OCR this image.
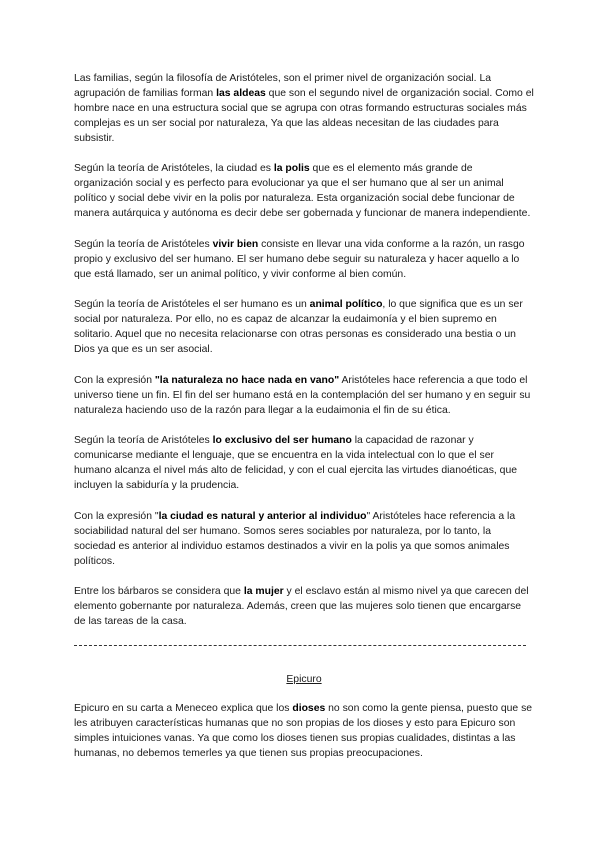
Las familias, según la filosofía de Aristóteles, son el primer nivel de organización social. La agrupación de familias forman las aldeas que son el segundo nivel de organización social. Como el hombre nace en una estructura social que se agrupa con otras formando estructuras sociales más complejas es un ser social por naturaleza, Ya que las aldeas necesitan de las ciudades para subsistir.

Según la teoría de Aristóteles, la ciudad es la polis que es el elemento más grande de organización social y es perfecto para evolucionar ya que el ser humano que al ser un animal político y social debe vivir en la polis por naturaleza. Esta organización social debe funcionar de manera autárquica y autónoma es decir debe ser gobernada y funcionar de manera independiente.

Según la teoría de Aristóteles vivir bien consiste en llevar una vida conforme a la razón, un rasgo propio y exclusivo del ser humano. El ser humano debe seguir su naturaleza y hacer aquello a lo que está llamado, ser un animal político, y vivir conforme al bien común.

Según la teoría de Aristóteles el ser humano es un animal político, lo que significa que es un ser social por naturaleza. Por ello, no es capaz de alcanzar la eudaimonía y el bien supremo en solitario. Aquel que no necesita relacionarse con otras personas es considerado una bestia o un Dios ya que es un ser asocial.

Con la expresión "la naturaleza no hace nada en vano" Aristóteles hace referencia a que todo el universo tiene un fin. El fin del ser humano está en la contemplación del ser humano y en seguir su naturaleza haciendo uso de la razón para llegar a la eudaimonia el fin de su ética.

Según la teoría de Aristóteles lo exclusivo del ser humano la capacidad de razonar y comunicarse mediante el lenguaje, que se encuentra en la vida intelectual con lo que el ser humano alcanza el nivel más alto de felicidad, y con el cual ejercita las virtudes dianoéticas, que incluyen la sabiduría y la prudencia.

Con la expresión "la ciudad es natural y anterior al individuo" Aristóteles hace referencia a la sociabilidad natural del ser humano. Somos seres sociables por naturaleza, por lo tanto, la sociedad es anterior al individuo estamos destinados a vivir en la polis ya que somos animales políticos.

Entre los bárbaros se considera que la mujer y el esclavo están al mismo nivel ya que carecen del elemento gobernante por naturaleza. Además, creen que las mujeres solo tienen que encargarse de las tareas de la casa.

Epicuro

Epicuro en su carta a Meneceo explica que los dioses no son como la gente piensa, puesto que se les atribuyen características humanas que no son propias de los dioses y esto para Epicuro son simples intuiciones vanas. Ya que como los dioses tienen sus propias cualidades, distintas a las humanas, no debemos temerles ya que tienen sus propias preocupaciones.
